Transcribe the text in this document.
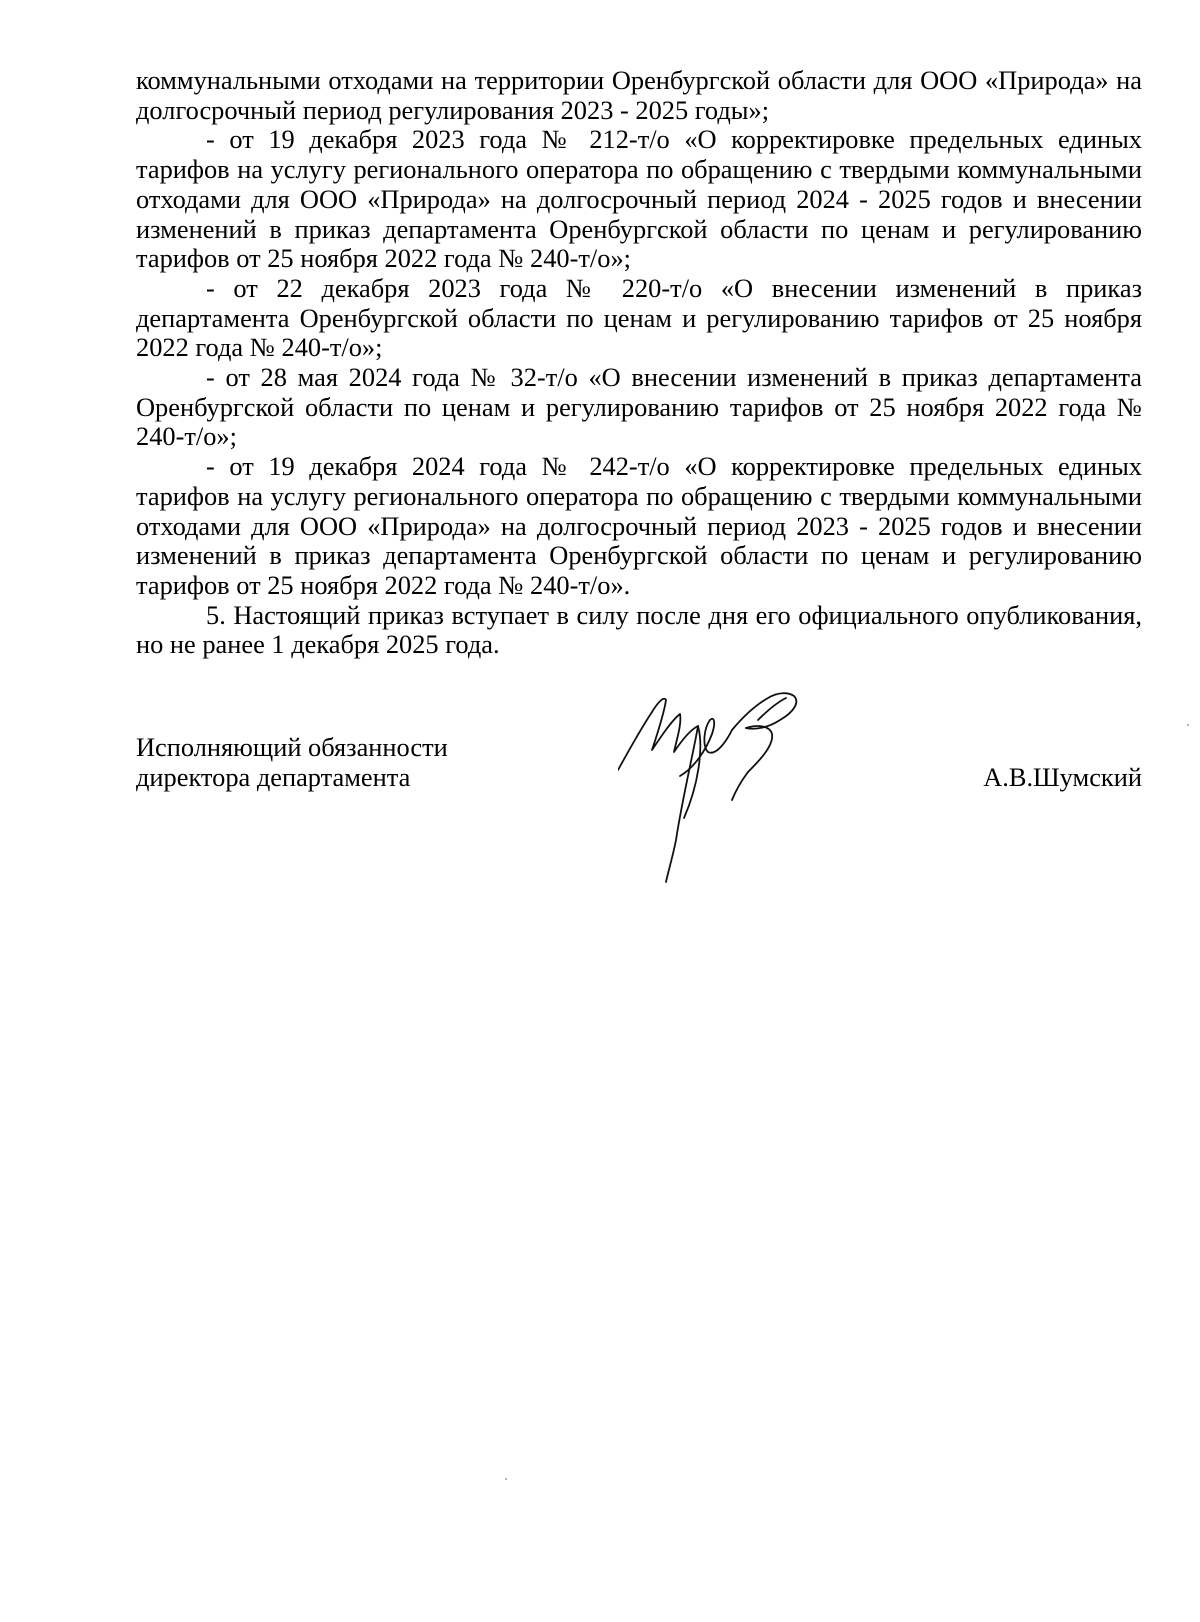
коммунальными отходами на территории Оренбургской области для ООО «Природа» на долгосрочный период регулирования 2023 - 2025 годы»;

- от 19 декабря 2023 года № 212-т/о «О корректировке предельных единых тарифов на услугу регионального оператора по обращению с твердыми коммунальными отходами для ООО «Природа» на долгосрочный период 2024 - 2025 годов и внесении изменений в приказ департамента Оренбургской области по ценам и регулированию тарифов от 25 ноября 2022 года № 240-т/о»;

- от 22 декабря 2023 года № 220-т/о «О внесении изменений в приказ департамента Оренбургской области по ценам и регулированию тарифов от 25 ноября 2022 года № 240-т/о»;

- от 28 мая 2024 года № 32-т/о «О внесении изменений в приказ департамента Оренбургской области по ценам и регулированию тарифов от 25 ноября 2022 года № 240-т/о»;

- от 19 декабря 2024 года № 242-т/о «О корректировке предельных единых тарифов на услугу регионального оператора по обращению с твердыми коммунальными отходами для ООО «Природа» на долгосрочный период 2023 - 2025 годов и внесении изменений в приказ департамента Оренбургской области по ценам и регулированию тарифов от 25 ноября 2022 года № 240-т/о».

5. Настоящий приказ вступает в силу после дня его официального опубликования, но не ранее 1 декабря 2025 года.

Исполняющий обязанности
директора департамента	А.В.Шумский
